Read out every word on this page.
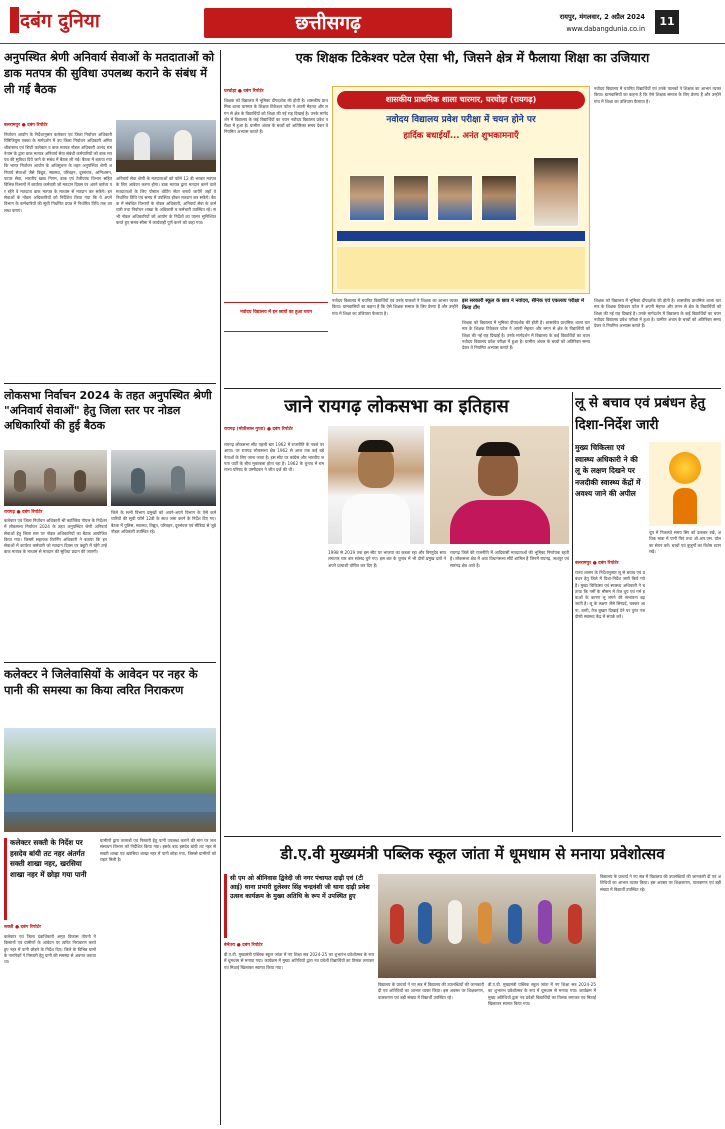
दबंग दुनिया	छत्तीसगढ़	रायपुर, मंगलवार, 2 अप्रैल 2024
www.dabangdunia.co.in
11
अनुपस्थित श्रेणी अनिवार्य सेवाओं के मतदाताओं को डाक मतपत्र की सुविधा उपलब्ध कराने के संबंध में ली गई बैठक
बलरामपुर ● दबंग रिपोर्टर
निर्वाचन आयोग के निर्देशानुसार कलेक्टर एवं जिला निर्वाचन अधिकारी रिमिजियुस एक्का के मार्गदर्शन में उप जिला निर्वाचन अधिकारी अमित श्रीवास्तव एवं डिप्टी कलेक्टर व डाक मतपत्र नोडल अधिकारी आनंद राम नेताम के द्वारा डाक मतपत्र अनिवार्य सेवा संबंधी कर्मचारियों को डाक मतपत्र की सुविधा दिये जाने के संबंध में बैठक ली गई। बैठक में बताया गया कि भारत निर्वाचन आयोग के अधिसूचना के तहत अनुपस्थित श्रेणी अनिवार्य सेवाओं जैसे विद्युत, स्वास्थ्य, परिवहन, दूरसंचार, अग्निशमन, फायर सेवा, भारतीय खाद्य निगम, डाक एवं टेलीग्राफ विभाग सहित विभिन्न विभागों में कार्यरत कर्मचारी जो मतदान दिवस पर अपने कर्तव्य पर रहेंगे वे मतदाता डाक मतपत्र के माध्यम से मतदान कर सकेंगे। इन सेवाओं के नोडल अधिकारियों को निर्देशित किया गया कि वे अपने विभाग के कर्मचारियों की सूची निर्धारित प्रपत्र में निर्धारित तिथि तक उपलब्ध कराएं।
अनिवार्य सेवा श्रेणी के मतदाताओं को फॉर्म 12 डी भरकर मतपत्र के लिए आवेदन करना होगा। डाक मतपत्र द्वारा मतदान करने वाले मतदाताओं के लिए पोस्टल वोटिंग सेंटर बनाये जायेंगे जहाँ वे निर्धारित तिथि एवं समय में उपस्थित होकर मतदान कर सकेंगे। बैठक में संबंधित विभागों के नोडल अधिकारी, अनिवार्य सेवा के कर्मचारी तथा निर्वाचन शाखा के अधिकारी व कर्मचारी उपस्थित रहे। सभी नोडल अधिकारियों को आयोग के निर्देशों का पालन सुनिश्चित करते हुए समय-सीमा में कार्यवाही पूर्ण करने को कहा गया।
लोकसभा निर्वाचन 2024 के तहत अनुपस्थित श्रेणी "अनिवार्य सेवाओं" हेतु जिला स्तर पर नोडल अधिकारियों की हुई बैठक
रायगढ़ ● दबंग रिपोर्टर
कलेक्टर एवं जिला निर्वाचन अधिकारी श्री कार्तिकेय गोयल के निर्देशन में लोकसभा निर्वाचन 2024 के तहत अनुपस्थित श्रेणी अनिवार्य सेवाओं हेतु जिला स्तर पर नोडल अधिकारियों का बैठक आयोजित किया गया। जिसमें सहायक रिटर्निंग अधिकारी ने बताया कि इन सेवाओं में कार्यरत कर्मचारी जो मतदान दिवस पर ड्यूटी में रहेंगे उन्हें डाक मतपत्र के माध्यम से मतदान की सुविधा प्रदान की जाएगी।
जिले के सभी विभाग प्रमुखों को अपने-अपने विभाग के ऐसे कर्मचारियों की सूची फॉर्म 12डी के साथ जमा करने के निर्देश दिए गए। बैठक में पुलिस, स्वास्थ्य, विद्युत, परिवहन, दूरसंचार एवं मीडिया से जुड़े नोडल अधिकारी उपस्थित रहे।
कलेक्टर ने जिलेवासियों के आवेदन पर नहर के पानी की समस्या का किया त्वरित निराकरण
कलेक्टर सक्ती के निर्देश पर हसदेव बांयी तट नहर अंतर्गत सक्ती शाखा नहर, खरसिया शाखा नहर में छोड़ा गया पानी
सक्ती ● दबंग रिपोर्टर
कलेक्टर एवं जिला दंडाधिकारी अमृत विकास तोपनो ने किसानों एवं ग्रामीणों के आवेदन पर त्वरित निराकरण करते हुए नहर में पानी छोड़ने के निर्देश दिए। जिले के विभिन्न ग्रामों के नागरिकों ने निस्तारी हेतु पानी की समस्या से अवगत कराया था।
ग्रामीणों द्वारा तालाबों एवं निस्तारी हेतु पानी उपलब्ध कराने की मांग पर जल संसाधन विभाग को निर्देशित किया गया। इसके बाद हसदेव बांयी तट नहर से सक्ती शाखा एवं खरसिया शाखा नहर में पानी छोड़ा गया, जिससे ग्रामीणों को राहत मिली है।
एक शिक्षक टिकेश्वर पटेल ऐसा भी, जिसने क्षेत्र में फैलाया शिक्षा का उजियारा
घरघोड़ा ● दबंग रिपोर्टर
शिक्षक को विद्यालय में भूमिका दीपदर्शक की होती है। शासकीय प्राथमिक शाला चारमार के शिक्षक टिकेश्वर पटेल ने अपनी मेहनत और लगन से क्षेत्र के विद्यार्थियों को शिक्षा की नई राह दिखाई है। उनके मार्गदर्शन में विद्यालय के कई विद्यार्थियों का चयन नवोदय विद्यालय प्रवेश परीक्षा में हुआ है। ग्रामीण अंचल के बच्चों को अतिरिक्त समय देकर वे नियमित अभ्यास कराते हैं।
नवोदय विद्यालय में इन छात्रों का हुआ चयन
शासकीय प्राथमिक शाला चारमार, घरघोड़ा (रायगढ़)
नवोदय विद्यालय प्रवेश परीक्षा में चयन होने पर
हार्दिक बधाईयाँ... अनंत शुभकामनाएँ
नवोदय विद्यालय में चयनित विद्यार्थियों एवं उनके पालकों ने शिक्षक का आभार व्यक्त किया। ग्रामवासियों का कहना है कि ऐसे शिक्षक समाज के लिए प्रेरणा हैं और उन्होंने गांव में शिक्षा का उजियारा फैलाया है।
इस सरकारी स्कूल के छात्र ने नवोदय, सैनिक एवं एकलव्य परीक्षा में किया टॉप
शिक्षक को विद्यालय में भूमिका दीपदर्शक की होती है। शासकीय प्राथमिक शाला चारमार के शिक्षक टिकेश्वर पटेल ने अपनी मेहनत और लगन से क्षेत्र के विद्यार्थियों को शिक्षा की नई राह दिखाई है। उनके मार्गदर्शन में विद्यालय के कई विद्यार्थियों का चयन नवोदय विद्यालय प्रवेश परीक्षा में हुआ है। ग्रामीण अंचल के बच्चों को अतिरिक्त समय देकर वे नियमित अभ्यास कराते हैं।
नवोदय विद्यालय में चयनित विद्यार्थियों एवं उनके पालकों ने शिक्षक का आभार व्यक्त किया। ग्रामवासियों का कहना है कि ऐसे शिक्षक समाज के लिए प्रेरणा हैं और उन्होंने गांव में शिक्षा का उजियारा फैलाया है।
शिक्षक को विद्यालय में भूमिका दीपदर्शक की होती है। शासकीय प्राथमिक शाला चारमार के शिक्षक टिकेश्वर पटेल ने अपनी मेहनत और लगन से क्षेत्र के विद्यार्थियों को शिक्षा की नई राह दिखाई है। उनके मार्गदर्शन में विद्यालय के कई विद्यार्थियों का चयन नवोदय विद्यालय प्रवेश परीक्षा में हुआ है। ग्रामीण अंचल के बच्चों को अतिरिक्त समय देकर वे नियमित अभ्यास कराते हैं।
जाने रायगढ़ लोकसभा का इतिहास
रायगढ़ (मोतीलाल गुप्ता) ● दबंग रिपोर्टर
रायगढ़ लोकसभा सीट पहली बार 1962 में राजनीति के नक्शे पर आया। पर रायगढ़ लोकसभा क्षेत्र 1962 से आज तक कई बड़े नेताओं के लिए जाना जाता है। इस सीट पर कांग्रेस और भारतीय जनता पार्टी के बीच मुकाबला होता रहा है। 1962 के चुनाव में राम राज्य परिषद के उम्मीदवार ने जीत दर्ज की थी।
1998 से 2019 तक इस सीट पर भाजपा का कब्जा रहा और विष्णुदेव साय लगातार चार बार सांसद चुने गए। इस बार के चुनाव में भी दोनों प्रमुख दलों ने अपने प्रत्याशी घोषित कर दिए हैं।
रायगढ़ जिले की राजनीति में आदिवासी मतदाताओं की भूमिका निर्णायक रहती है। लोकसभा क्षेत्र में आठ विधानसभा सीटें शामिल हैं जिनमें रायगढ़, जशपुर एवं सारंगढ़ क्षेत्र आते हैं।
लू से बचाव एवं प्रबंधन हेतु दिशा-निर्देश जारी
मुख्य चिकित्सा एवं स्वास्थ्य अधिकारी ने की लू के लक्षण दिखने पर नजदीकी स्वास्थ्य केंद्रों में अवश्य जाने की अपील
बलरामपुर ● दबंग रिपोर्टर
राज्य शासन के निर्देशानुसार लू से बचाव एवं प्रबंधन हेतु जिले में दिशा-निर्देश जारी किये गये हैं। मुख्य चिकित्सा एवं स्वास्थ्य अधिकारी ने बताया कि गर्मी के मौसम में तेज धूप एवं गर्म हवाओं के कारण लू लगने की संभावना बढ़ जाती है। लू के लक्षण जैसे सिरदर्द, चक्कर आना, उल्टी, तेज बुखार दिखाई देने पर तुरंत नजदीकी स्वास्थ्य केंद्र में संपर्क करें।
धूप में निकलते समय सिर को ढककर रखें, अधिक मात्रा में पानी पिएं तथा ओ.आर.एस. घोल का सेवन करें। बच्चों एवं बुजुर्गों का विशेष ध्यान रखें।
डी.ए.वी मुख्यमंत्री पब्लिक स्कूल जांता में धूमधाम से मनाया प्रवेशोत्सव
सी एम ओ श्रीनिवास द्विवेदी जी नगर पंचायत दाढ़ी एवं (टी आई) थाना प्रभारी दुलेश्वर सिंह चन्द्रवंशी जी थाना दाढ़ी प्रवेश उत्सव कार्यक्रम के मुख्य अतिथि के रूप में उपस्थित हुए
बेमेतरा ● दबंग रिपोर्टर
डी.ए.वी. मुख्यमंत्री पब्लिक स्कूल जांता में नए शिक्षा सत्र 2024-25 का शुभारंभ प्रवेशोत्सव के रूप में धूमधाम से मनाया गया। कार्यक्रम में मुख्य अतिथियों द्वारा नव प्रवेशी विद्यार्थियों का तिलक लगाकर एवं मिठाई खिलाकर स्वागत किया गया।
विद्यालय के प्राचार्य ने नए सत्र में विद्यालय की उपलब्धियों की जानकारी दी एवं अतिथियों का आभार व्यक्त किया। इस अवसर पर शिक्षकगण, पालकगण एवं बड़ी संख्या में विद्यार्थी उपस्थित रहे।
डी.ए.वी. मुख्यमंत्री पब्लिक स्कूल जांता में नए शिक्षा सत्र 2024-25 का शुभारंभ प्रवेशोत्सव के रूप में धूमधाम से मनाया गया। कार्यक्रम में मुख्य अतिथियों द्वारा नव प्रवेशी विद्यार्थियों का तिलक लगाकर एवं मिठाई खिलाकर स्वागत किया गया।
विद्यालय के प्राचार्य ने नए सत्र में विद्यालय की उपलब्धियों की जानकारी दी एवं अतिथियों का आभार व्यक्त किया। इस अवसर पर शिक्षकगण, पालकगण एवं बड़ी संख्या में विद्यार्थी उपस्थित रहे।
